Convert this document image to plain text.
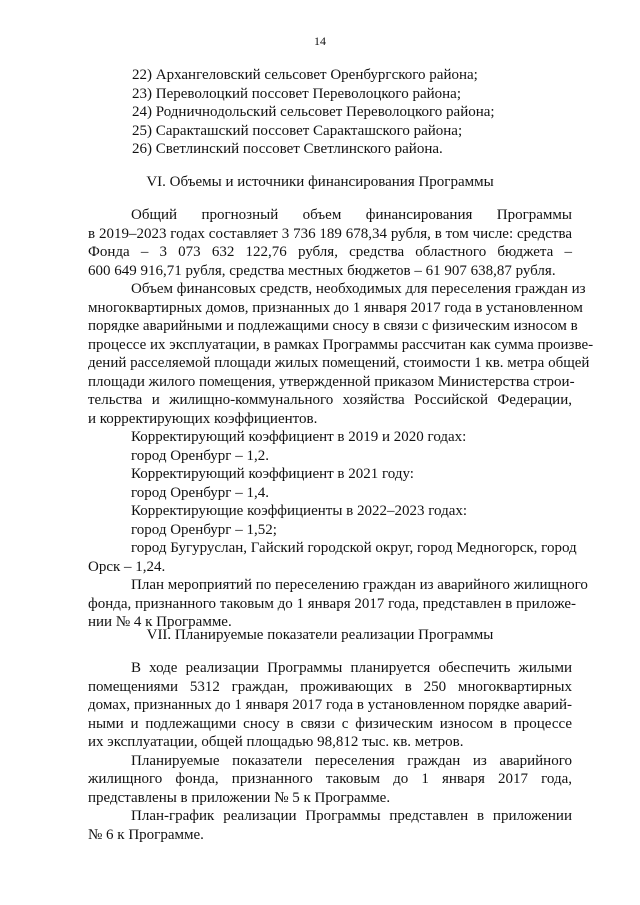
14
22) Архангеловский сельсовет Оренбургского района;
23) Переволоцкий поссовет Переволоцкого района;
24) Родничнодольский сельсовет Переволоцкого района;
25) Саракташский поссовет Саракташского района;
26) Светлинский поссовет Светлинского района.
VI. Объемы и источники финансирования Программы
Общий прогнозный объем финансирования Программы
в 2019–2023 годах составляет 3 736 189 678,34 рубля, в том числе: средства
Фонда – 3 073 632 122,76 рубля, средства областного бюджета –
600 649 916,71 рубля, средства местных бюджетов – 61 907 638,87 рубля.
Объем финансовых средств, необходимых для переселения граждан из
многоквартирных домов, признанных до 1 января 2017 года в установленном
порядке аварийными и подлежащими сносу в связи с физическим износом в
процессе их эксплуатации, в рамках Программы рассчитан как сумма произве-
дений расселяемой площади жилых помещений, стоимости 1 кв. метра общей
площади жилого помещения, утвержденной приказом Министерства строи-
тельства и жилищно-коммунального хозяйства Российской Федерации,
и корректирующих коэффициентов.
Корректирующий коэффициент в 2019 и 2020 годах:
город Оренбург – 1,2.
Корректирующий коэффициент в 2021 году:
город Оренбург – 1,4.
Корректирующие коэффициенты в 2022–2023 годах:
город Оренбург – 1,52;
город Бугуруслан, Гайский городской округ, город Медногорск, город
Орск – 1,24.
План мероприятий по переселению граждан из аварийного жилищного
фонда, признанного таковым до 1 января 2017 года, представлен в приложе-
нии № 4 к Программе.
VII. Планируемые показатели реализации Программы
В ходе реализации Программы планируется обеспечить жилыми
помещениями 5312 граждан, проживающих в 250 многоквартирных
домах, признанных до 1 января 2017 года в установленном порядке аварий-
ными и подлежащими сносу в связи с физическим износом в процессе
их эксплуатации, общей площадью 98,812 тыс. кв. метров.
Планируемые показатели переселения граждан из аварийного
жилищного фонда, признанного таковым до 1 января 2017 года,
представлены в приложении № 5 к Программе.
План-график реализации Программы представлен в приложении
№ 6 к Программе.
